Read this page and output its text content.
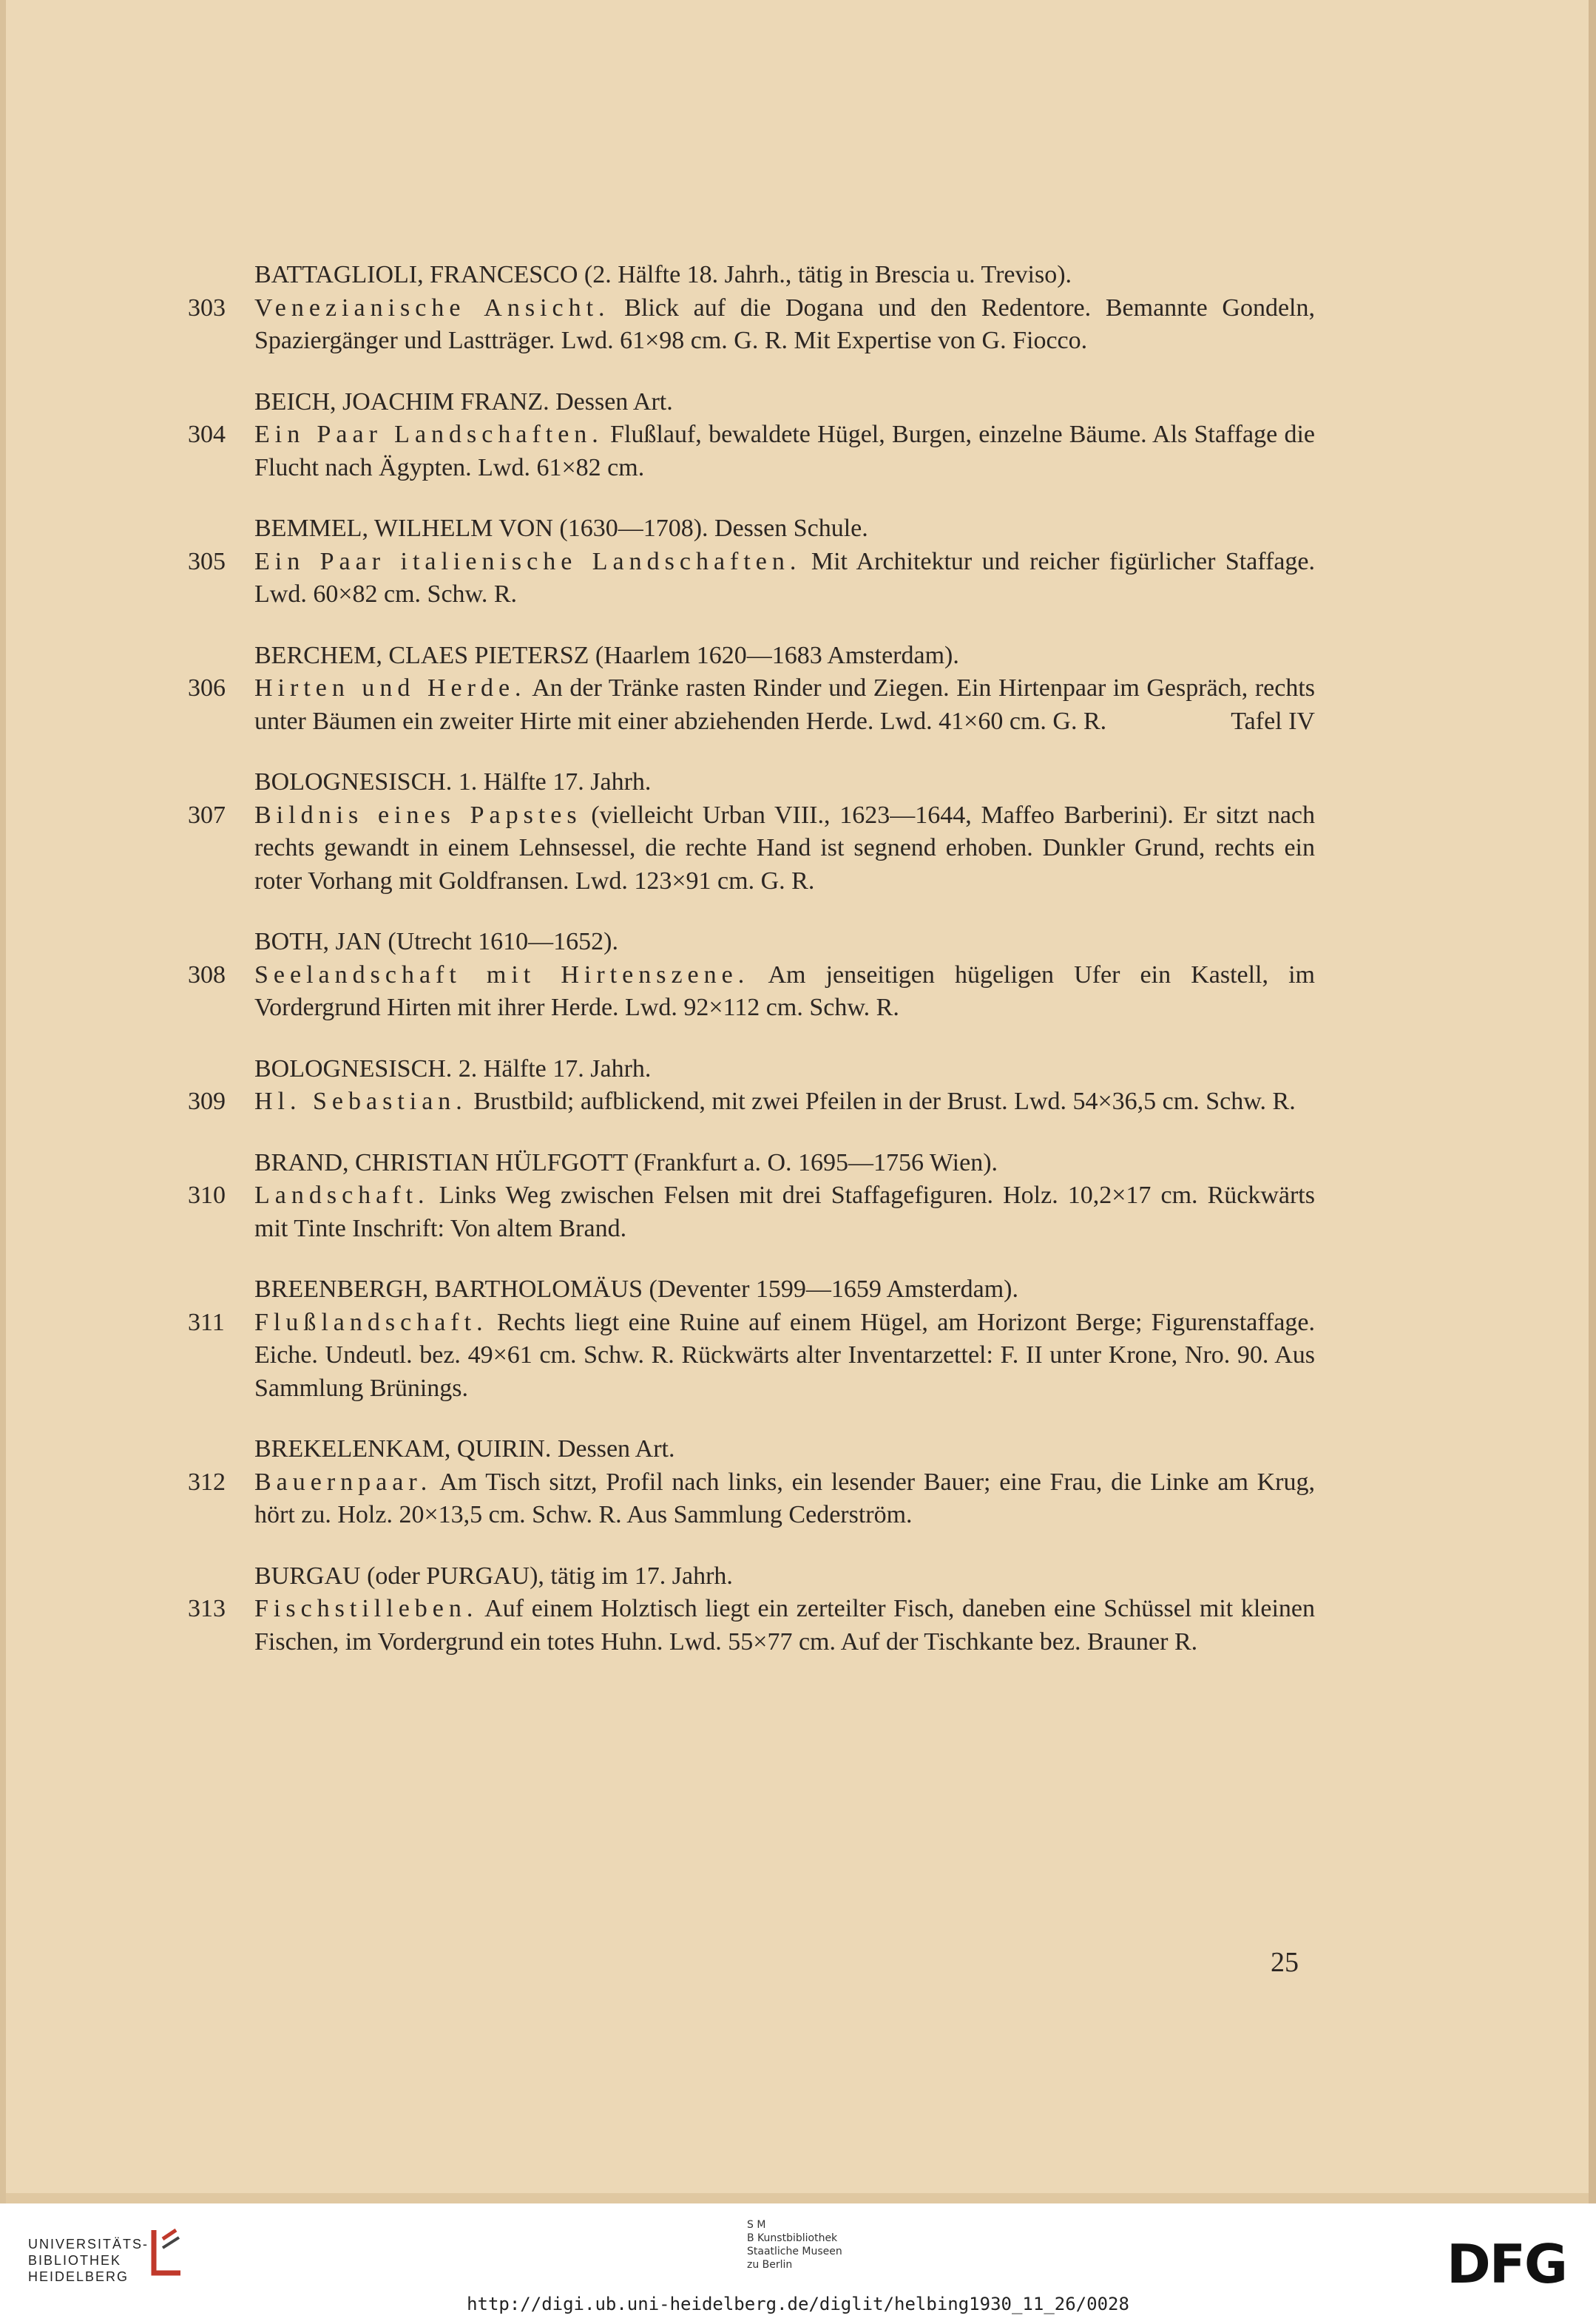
BATTAGLIOLI, FRANCESCO (2. Hälfte 18. Jahrh., tätig in Brescia u. Treviso).

303 Venezianische Ansicht. Blick auf die Dogana und den Redentore. Bemannte Gondeln, Spaziergänger und Lastträger. Lwd. 61×98 cm. G. R. Mit Expertise von G. Fiocco.

BEICH, JOACHIM FRANZ. Dessen Art.

304 Ein Paar Landschaften. Flußlauf, bewaldete Hügel, Burgen, einzelne Bäume. Als Staffage die Flucht nach Ägypten. Lwd. 61×82 cm.

BEMMEL, WILHELM VON (1630—1708). Dessen Schule.

305 Ein Paar italienische Landschaften. Mit Architektur und reicher figürlicher Staffage. Lwd. 60×82 cm. Schw. R.

BERCHEM, CLAES PIETERSZ (Haarlem 1620—1683 Amsterdam).

306 Hirten und Herde. An der Tränke rasten Rinder und Ziegen. Ein Hirtenpaar im Gespräch, rechts unter Bäumen ein zweiter Hirte mit einer abziehenden Herde. Lwd. 41×60 cm. G. R.	Tafel IV

BOLOGNESISCH. 1. Hälfte 17. Jahrh.

307 Bildnis eines Papstes (vielleicht Urban VIII., 1623—1644, Maffeo Barberini). Er sitzt nach rechts gewandt in einem Lehnsessel, die rechte Hand ist segnend erhoben. Dunkler Grund, rechts ein roter Vorhang mit Goldfransen. Lwd. 123×91 cm. G. R.

BOTH, JAN (Utrecht 1610—1652).

308 Seelandschaft mit Hirtenszene. Am jenseitigen hügeligen Ufer ein Kastell, im Vordergrund Hirten mit ihrer Herde. Lwd. 92×112 cm. Schw. R.

BOLOGNESISCH. 2. Hälfte 17. Jahrh.

309 Hl. Sebastian. Brustbild; aufblickend, mit zwei Pfeilen in der Brust. Lwd. 54×36,5 cm. Schw. R.

BRAND, CHRISTIAN HÜLFGOTT (Frankfurt a. O. 1695—1756 Wien).

310 Landschaft. Links Weg zwischen Felsen mit drei Staffagefiguren. Holz. 10,2×17 cm. Rückwärts mit Tinte Inschrift: Von altem Brand.

BREENBERGH, BARTHOLOMÄUS (Deventer 1599—1659 Amsterdam).

311 Flußlandschaft. Rechts liegt eine Ruine auf einem Hügel, am Horizont Berge; Figurenstaffage. Eiche. Undeutl. bez. 49×61 cm. Schw. R. Rückwärts alter Inventarzettel: F. II unter Krone, Nro. 90. Aus Sammlung Brünings.

BREKELENKAM, QUIRIN. Dessen Art.

312 Bauernpaar. Am Tisch sitzt, Profil nach links, ein lesender Bauer; eine Frau, die Linke am Krug, hört zu. Holz. 20×13,5 cm. Schw. R. Aus Sammlung Cederström.

BURGAU (oder PURGAU), tätig im 17. Jahrh.

313 Fischstilleben. Auf einem Holztisch liegt ein zerteilter Fisch, daneben eine Schüssel mit kleinen Fischen, im Vordergrund ein totes Huhn. Lwd. 55×77 cm. Auf der Tischkante bez. Brauner R.
25
UNIVERSITÄTS-
BIBLIOTHEK
HEIDELBERG
S M
B Kunstbibliothek
Staatliche Museen
zu Berlin	DFG
http://digi.ub.uni-heidelberg.de/diglit/helbing1930_11_26/0028
